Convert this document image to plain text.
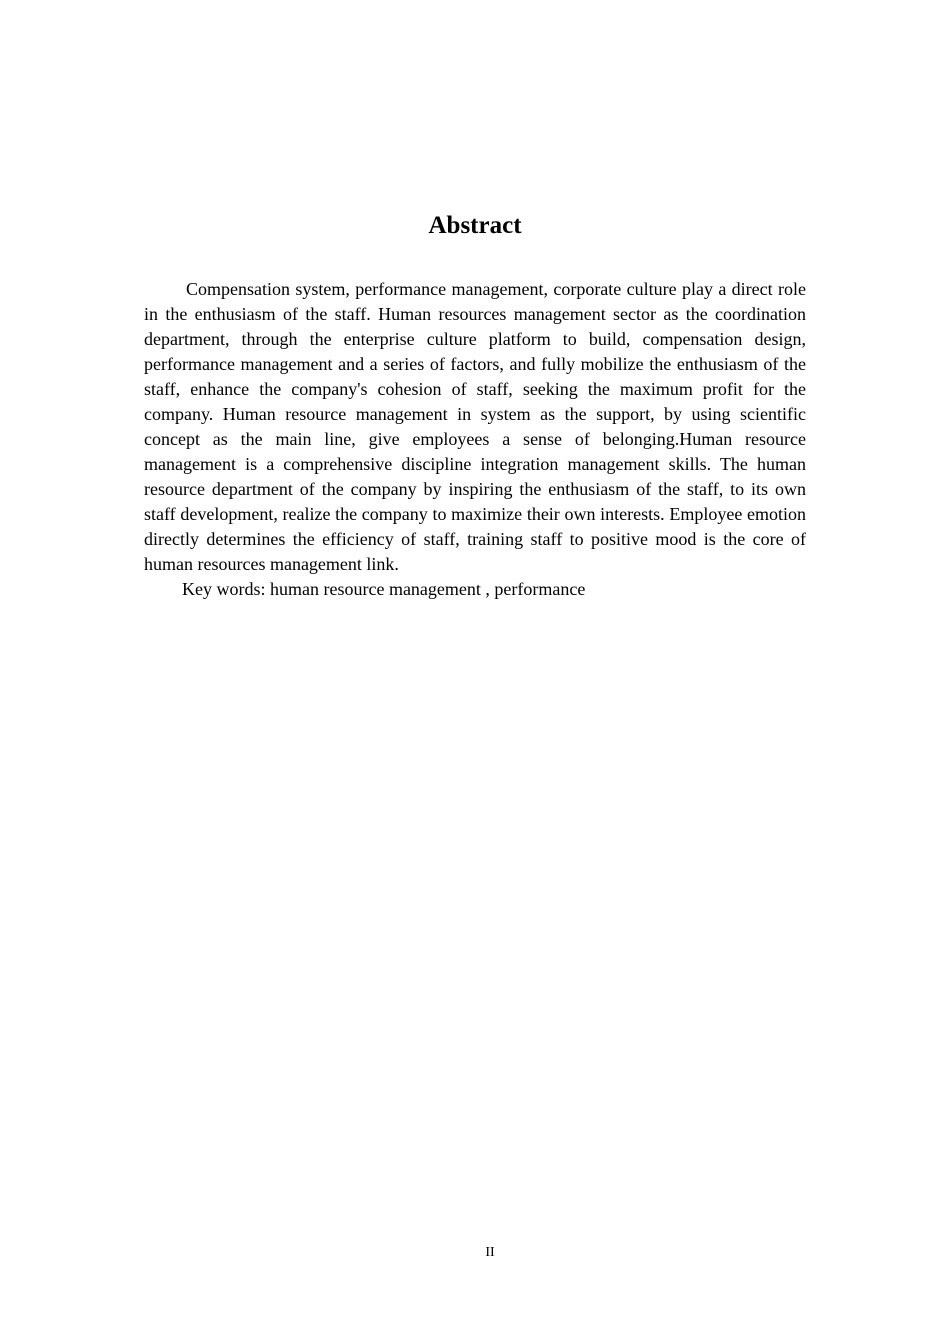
Abstract

Compensation system, performance management, corporate culture play a direct role in the enthusiasm of the staff. Human resources management sector as the coordination department, through the enterprise culture platform to build, compensation design, performance management and a series of factors, and fully mobilize the enthusiasm of the staff, enhance the company's cohesion of staff, seeking the maximum profit for the company. Human resource management in system as the support, by using scientific concept as the main line, give employees a sense of belonging.Human resource management is a comprehensive discipline integration management skills. The human resource department of the company by inspiring the enthusiasm of the staff, to its own staff development, realize the company to maximize their own interests. Employee emotion directly determines the efficiency of staff, training staff to positive mood is the core of human resources management link.

Key words: human resource management , performance

II
